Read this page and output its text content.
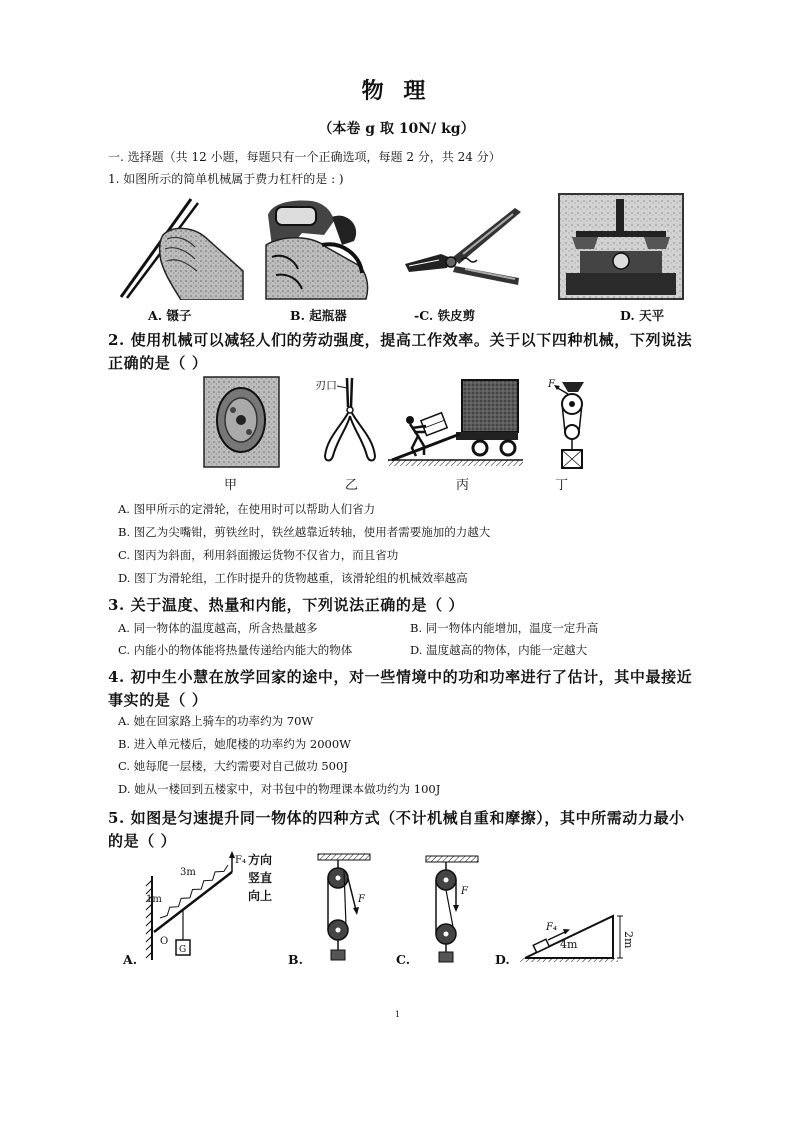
物 理
（本卷 g 取 10N/ kg）
一. 选择题（共 12 小题，每题只有一个正确选项，每题 2 分，共 24 分）
1. 如图所示的简单机械属于费力杠杆的是 : )
A. 镊子	B. 起瓶器	-C. 铁皮剪	D. 天平
2. 使用机械可以减轻人们的劳动强度，提高工作效率。关于以下四种机械，下列说法
正确的是（ ）
刃口	F
甲	乙	丙	丁
A. 图甲所示的定滑轮，在使用时可以帮助人们省力
B. 图乙为尖嘴钳，剪铁丝时，铁丝越靠近转轴，使用者需要施加的力越大
C. 图丙为斜面，利用斜面搬运货物不仅省力，而且省功
D. 图丁为滑轮组，工作时提升的货物越重，该滑轮组的机械效率越高
3. 关于温度、热量和内能，下列说法正确的是（ ）
A. 同一物体的温度越高，所含热量越多	B. 同一物体内能增加，温度一定升高
C. 内能小的物体能将热量传递给内能大的物体	D. 温度越高的物体，内能一定越大
4. 初中生小慧在放学回家的途中，对一些情境中的功和功率进行了估计，其中最接近
事实的是（ ）
A. 她在回家路上骑车的功率约为 70W
B. 进入单元楼后，她爬楼的功率约为 2000W
C. 她每爬一层楼，大约需要对自己做功 500J
D. 她从一楼回到五楼家中，对书包中的物理课本做功约为 100J
5. 如图是匀速提升同一物体的四种方式（不计机械自重和摩擦），其中所需动力最小
的是（ ）
G
O
1m
3m
F₄ 方向
竖直
向上	F
F
2m
4m
F₄
A.	B.	C.	D.
1
